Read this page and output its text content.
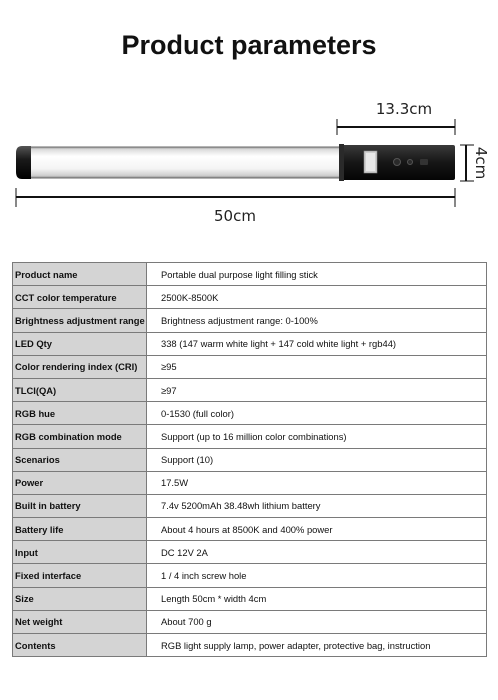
Product parameters
13.3cm
4cm
50cm
Product name	Portable dual purpose light filling stick
CCT color temperature	2500K-8500K
Brightness adjustment range	Brightness adjustment range: 0-100%
LED Qty	338 (147 warm white light + 147 cold white light + rgb44)
Color rendering index (CRI)	≥95
TLCI(QA)	≥97
RGB hue	0-1530 (full color)
RGB combination mode	Support (up to 16 million color combinations)
Scenarios	Support (10)
Power	17.5W
Built in battery	7.4v 5200mAh 38.48wh lithium battery
Battery life	About 4 hours at 8500K and 400% power
Input	DC 12V 2A
Fixed interface	1 / 4 inch screw hole
Size	Length 50cm * width 4cm
Net weight	About 700 g
Contents	RGB light supply lamp, power adapter, protective bag, instruction
